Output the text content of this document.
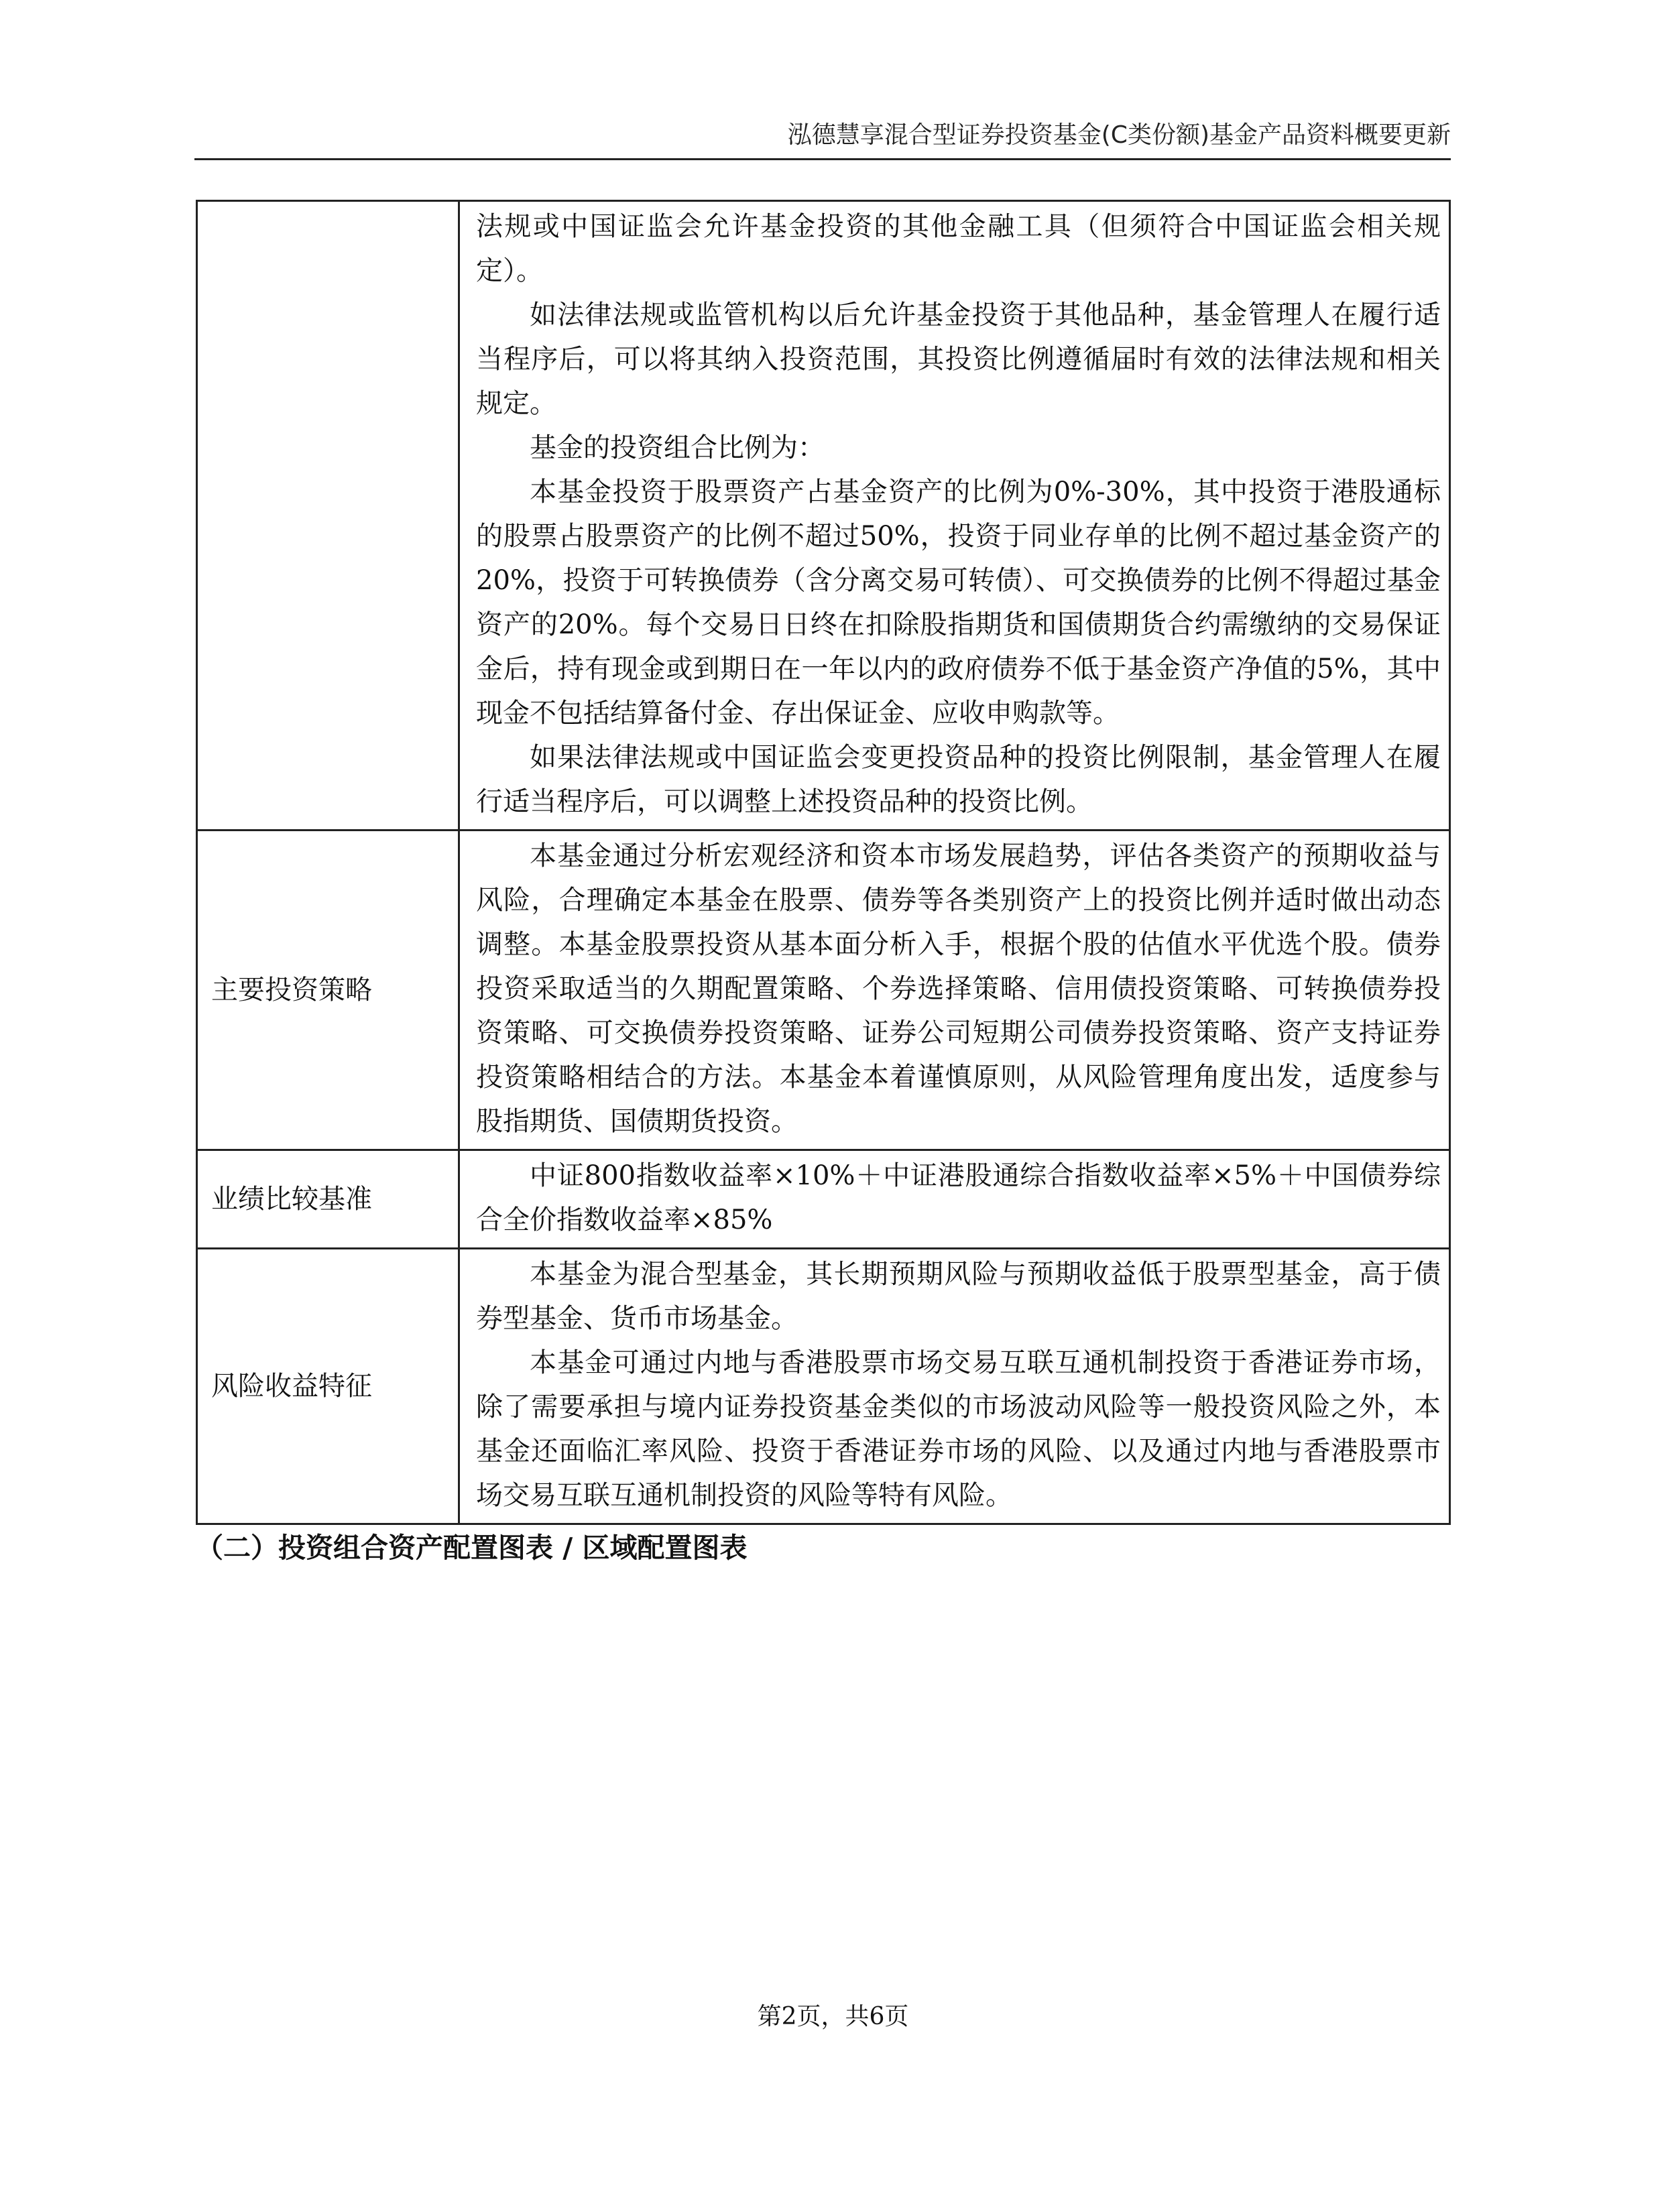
泓德慧享混合型证券投资基金(C类份额)基金产品资料概要更新

	法规或中国证监会允许基金投资的其他金融工具（但须符合中国证监会相关规定）。

如法律法规或监管机构以后允许基金投资于其他品种，基金管理人在履行适当程序后，可以将其纳入投资范围，其投资比例遵循届时有效的法律法规和相关规定。

基金的投资组合比例为：

本基金投资于股票资产占基金资产的比例为0%-30%，其中投资于港股通标的股票占股票资产的比例不超过50%，投资于同业存单的比例不超过基金资产的20%，投资于可转换债券（含分离交易可转债）、可交换债券的比例不得超过基金资产的20%。每个交易日日终在扣除股指期货和国债期货合约需缴纳的交易保证金后，持有现金或到期日在一年以内的政府债券不低于基金资产净值的5%，其中现金不包括结算备付金、存出保证金、应收申购款等。

如果法律法规或中国证监会变更投资品种的投资比例限制，基金管理人在履行适当程序后，可以调整上述投资品种的投资比例。

主要投资策略	本基金通过分析宏观经济和资本市场发展趋势，评估各类资产的预期收益与风险，合理确定本基金在股票、债券等各类别资产上的投资比例并适时做出动态调整。本基金股票投资从基本面分析入手，根据个股的估值水平优选个股。债券投资采取适当的久期配置策略、个券选择策略、信用债投资策略、可转换债券投资策略、可交换债券投资策略、证券公司短期公司债券投资策略、资产支持证券投资策略相结合的方法。本基金本着谨慎原则，从风险管理角度出发，适度参与股指期货、国债期货投资。

业绩比较基准	中证800指数收益率×10%＋中证港股通综合指数收益率×5%＋中国债券综合全价指数收益率×85%

风险收益特征	本基金为混合型基金，其长期预期风险与预期收益低于股票型基金，高于债券型基金、货币市场基金。

本基金可通过内地与香港股票市场交易互联互通机制投资于香港证券市场，除了需要承担与境内证券投资基金类似的市场波动风险等一般投资风险之外，本基金还面临汇率风险、投资于香港证券市场的风险、以及通过内地与香港股票市场交易互联互通机制投资的风险等特有风险。

（二）投资组合资产配置图表 / 区域配置图表
第2页，共6页
